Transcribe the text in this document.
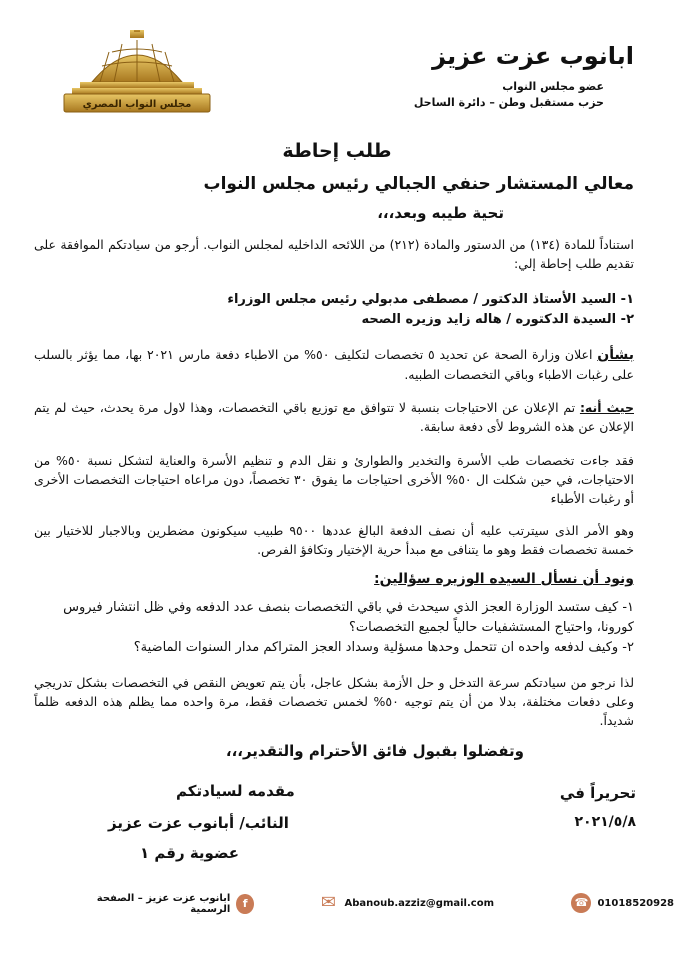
ابانوب عزت عزيز
عضو مجلس النواب
حزب مستقبل وطن – دائرة الساحل
مجلس النواب المصري
طلب إحاطة
معالي المستشار حنفي الجبالي رئيس مجلس النواب
تحية طيبه وبعد،،،
استناداً للمادة (١٣٤) من الدستور والمادة (٢١٢) من اللائحه الداخليه لمجلس النواب. أرجو من سيادتكم الموافقة على تقديم طلب إحاطة إلي:
١- السيد الأستاذ الدكتور / مصطفى مدبولي رئيس مجلس الوزراء
٢- السيدة الدكتوره / هاله زايد وزيره الصحه
بشأن اعلان وزارة الصحة عن تحديد ٥ تخصصات لتكليف ٥٠% من الاطباء دفعة مارس ٢٠٢١ بها، مما يؤثر بالسلب على رغبات الاطباء وباقي التخصصات الطبيه.
حيث أنه: تم الإعلان عن الاحتياجات بنسبة لا تتوافق مع توزيع باقي التخصصات، وهذا لاول مرة يحدث، حيث لم يتم الإعلان عن هذه الشروط لأى دفعة سابقة.
فقد جاءت تخصصات طب الأسرة والتخدير والطوارئ و نقل الدم و تنظيم الأسرة والعناية لتشكل نسبة ٥٠% من الاحتياجات، في حين شكلت ال ٥٠% الأخرى احتياجات ما يفوق ٣٠ تخصصاً، دون مراعاه احتياجات التخصصات الأخرى أو رغبات الأطباء
وهو الأمر الذى سيترتب عليه أن نصف الدفعة البالغ عددها ٩٥٠٠ طبيب سيكونون مضطرين وبالاجبار للاختيار بين خمسة تخصصات فقط وهو ما يتنافى مع مبدأ حرية الإختيار وتكافؤ الفرص.
ونود أن نسأل السيده الوزيره سؤالين:
١- كيف ستسد الوزارة العجز الذي سيحدث في باقي التخصصات بنصف عدد الدفعه وفي ظل انتشار فيروس كورونا، واحتياج المستشفيات حالياً لجميع التخصصات؟
٢- وكيف لدفعه واحده ان تتحمل وحدها مسؤلية وسداد العجز المتراكم مدار السنوات الماضية؟
لذا نرجو من سيادتكم سرعة التدخل و حل الأزمة بشكل عاجل، بأن يتم تعويض النقص في التخصصات بشكل تدريجي وعلى دفعات مختلفة، بدلا من أن يتم توجيه ٥٠% لخمس تخصصات فقط، مرة واحده مما يظلم هذه الدفعه ظلماً شديداً.
وتفضلوا بقبول فائق الأحترام والتقدير،،،
تحريراً في
٢٠٢١/٥/٨
مقدمه لسيادتكم
النائب/ أبانوب عزت عزيز
عضوية رقم ١
f
ابانوب عزت عزيز – الصفحة الرسمية	✉ Abanoub.azziz@gmail.com	☎ 01018520928
